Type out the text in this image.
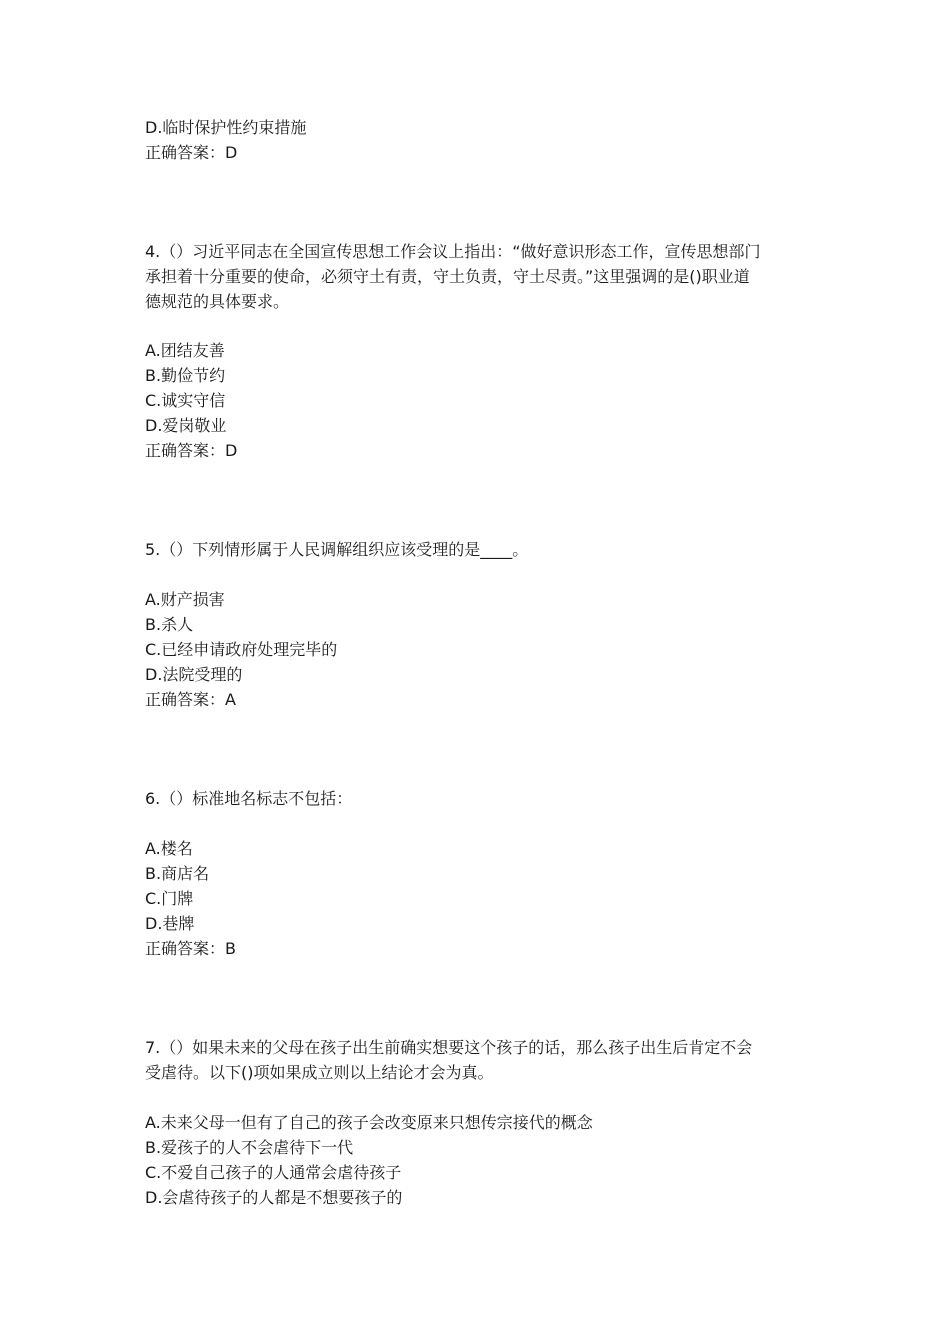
D.临时保护性约束措施
正确答案：D
4.（）习近平同志在全国宣传思想工作会议上指出：“做好意识形态工作，宣传思想部门
承担着十分重要的使命，必须守土有责，守土负责，守土尽责。”这里强调的是()职业道
德规范的具体要求。
A.团结友善
B.勤俭节约
C.诚实守信
D.爱岗敬业
正确答案：D
5.（）下列情形属于人民调解组织应该受理的是____。
A.财产损害
B.杀人
C.已经申请政府处理完毕的
D.法院受理的
正确答案：A
6.（）标准地名标志不包括：
A.楼名
B.商店名
C.门牌
D.巷牌
正确答案：B
7.（）如果未来的父母在孩子出生前确实想要这个孩子的话，那么孩子出生后肯定不会
受虐待。以下()项如果成立则以上结论才会为真。
A.未来父母一但有了自己的孩子会改变原来只想传宗接代的概念
B.爱孩子的人不会虐待下一代
C.不爱自己孩子的人通常会虐待孩子
D.会虐待孩子的人都是不想要孩子的
